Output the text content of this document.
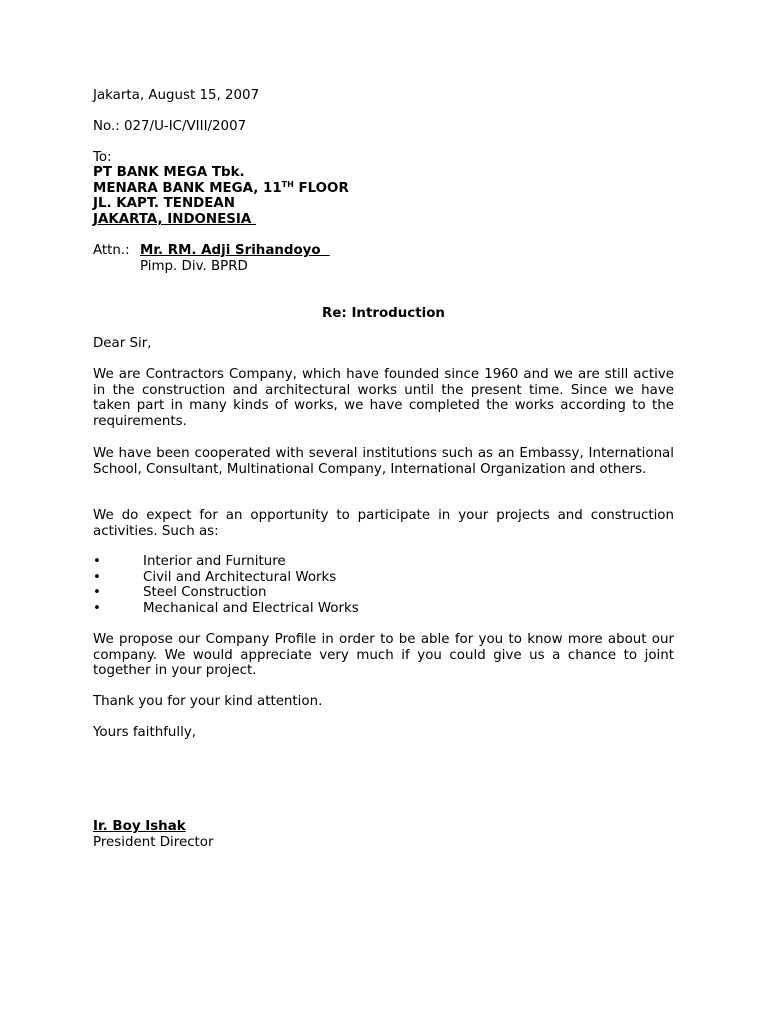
Jakarta, August 15, 2007
No.: 027/U-IC/VIII/2007
To:
PT BANK MEGA Tbk.
MENARA BANK MEGA, 11TH FLOOR
JL. KAPT. TENDEAN
JAKARTA, INDONESIA
Attn.: Mr. RM. Adji Srihandoyo
Pimp. Div. BPRD
Re: Introduction
Dear Sir,
We are Contractors Company, which have founded since 1960 and we are still active in the construction and architectural works until the present time. Since we have taken part in many kinds of works, we have completed the works according to the requirements.
We have been cooperated with several institutions such as an Embassy, International School, Consultant, Multinational Company, International Organization and others.
We do expect for an opportunity to participate in your projects and construction activities. Such as:
•	Interior and Furniture
•	Civil and Architectural Works
•	Steel Construction
•	Mechanical and Electrical Works
We propose our Company Profile in order to be able for you to know more about our company. We would appreciate very much if you could give us a chance to joint together in your project.
Thank you for your kind attention.
Yours faithfully,
Ir. Boy Ishak
President Director
